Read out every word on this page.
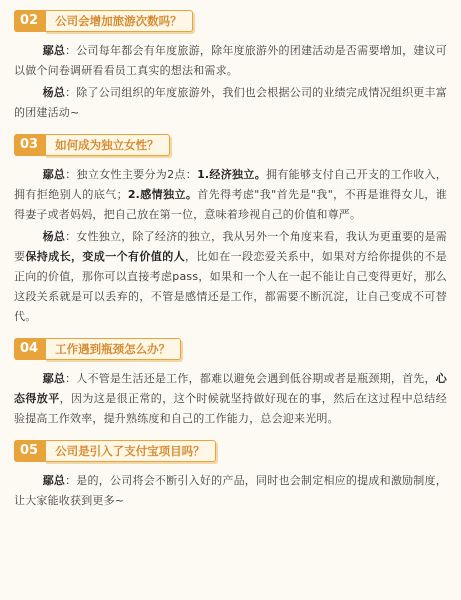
02	公司会增加旅游次数吗？

鄢总：公司每年都会有年度旅游，除年度旅游外的团建活动是否需要增加，建议可以做个问卷调研看看员工真实的想法和需求。

杨总：除了公司组织的年度旅游外，我们也会根据公司的业绩完成情况组织更丰富的团建活动~

03	如何成为独立女性？

鄢总：独立女性主要分为2点：1.经济独立。拥有能够支付自己开支的工作收入，拥有拒绝别人的底气；2.感情独立。首先得考虑"我"首先是"我"，不再是谁得女儿，谁得妻子或者妈妈，把自己放在第一位，意味着珍视自己的价值和尊严。

杨总：女性独立，除了经济的独立，我从另外一个角度来看，我认为更重要的是需要保持成长，变成一个有价值的人，比如在一段恋爱关系中，如果对方给你提供的不是正向的价值，那你可以直接考虑pass，如果和一个人在一起不能让自己变得更好，那么这段关系就是可以丢弃的，不管是感情还是工作，都需要不断沉淀，让自己变成不可替代。

04	工作遇到瓶颈怎么办？

鄢总：人不管是生活还是工作，都难以避免会遇到低谷期或者是瓶颈期，首先，心态得放平，因为这是很正常的，这个时候就坚持做好现在的事，然后在这过程中总结经验提高工作效率，提升熟练度和自己的工作能力，总会迎来光明。

05	公司是引入了支付宝项目吗？

鄢总：是的，公司将会不断引入好的产品，同时也会制定相应的提成和激励制度，让大家能收获到更多~
